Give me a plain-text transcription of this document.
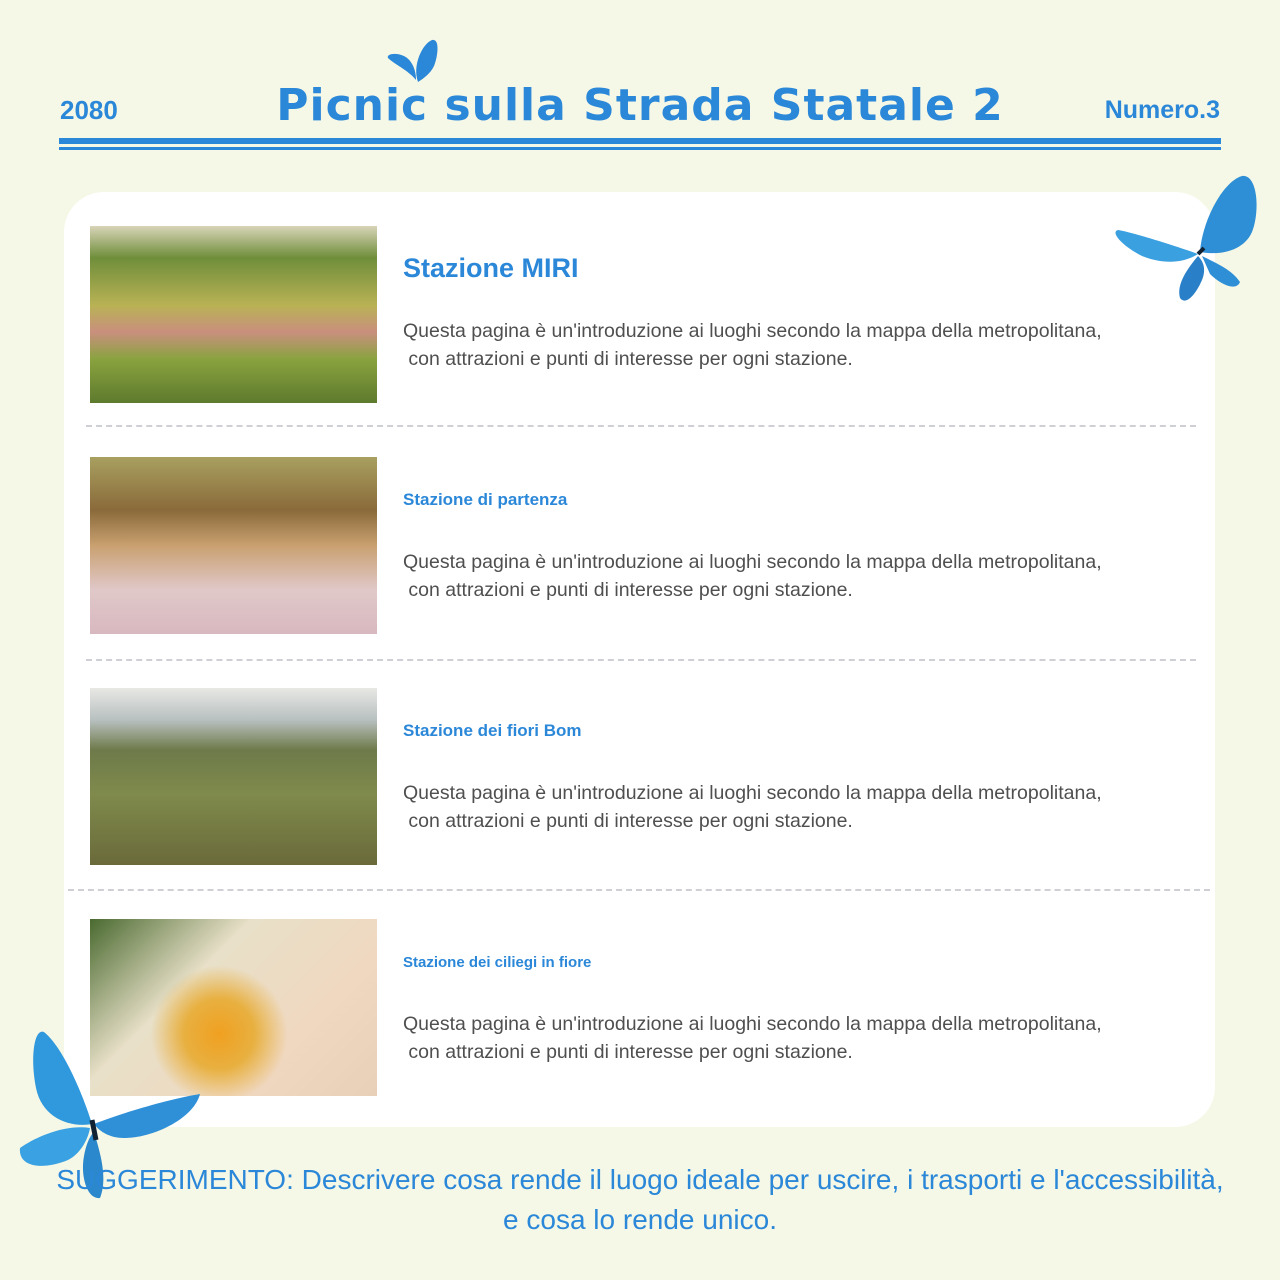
2080	Picnic sulla Strada Statale 2	Numero.3
Stazione MIRI
Questa pagina è un'introduzione ai luoghi secondo la mappa della metropolitana,
con attrazioni e punti di interesse per ogni stazione.
Stazione di partenza
Questa pagina è un'introduzione ai luoghi secondo la mappa della metropolitana,
con attrazioni e punti di interesse per ogni stazione.
Stazione dei fiori Bom
Questa pagina è un'introduzione ai luoghi secondo la mappa della metropolitana,
con attrazioni e punti di interesse per ogni stazione.
Stazione dei ciliegi in fiore
Questa pagina è un'introduzione ai luoghi secondo la mappa della metropolitana,
con attrazioni e punti di interesse per ogni stazione.
SUGGERIMENTO: Descrivere cosa rende il luogo ideale per uscire, i trasporti e l'accessibilità,
e cosa lo rende unico.
